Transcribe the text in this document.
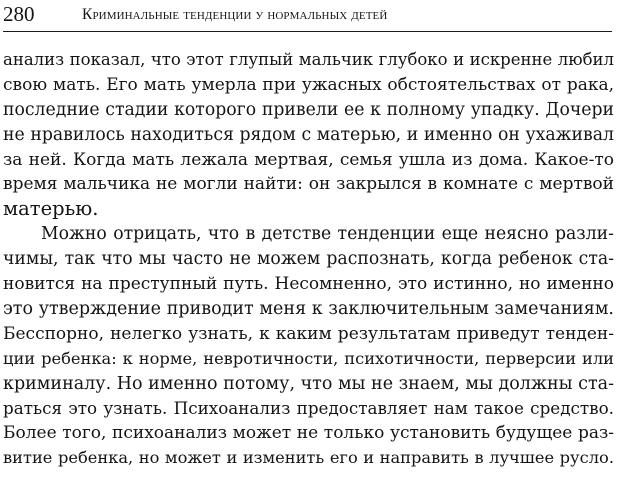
280	Криминальные тенденции у нормальных детей
анализ показал, что этот глупый мальчик глубоко и искренне любил
свою мать. Его мать умерла при ужасных обстоятельствах от рака,
последние стадии которого привели ее к полному упадку. Дочери
не нравилось находиться рядом с матерью, и именно он ухаживал
за ней. Когда мать лежала мертвая, семья ушла из дома. Какое-то
время мальчика не могли найти: он закрылся в комнате с мертвой
матерью.
Можно отрицать, что в детстве тенденции еще неясно разли-
чимы, так что мы часто не можем распознать, когда ребенок ста-
новится на преступный путь. Несомненно, это истинно, но именно
это утверждение приводит меня к заключительным замечаниям.
Бесспорно, нелегко узнать, к каким результатам приведут тенден-
ции ребенка: к норме, невротичности, психотичности, перверсии или
криминалу. Но именно потому, что мы не знаем, мы должны ста-
раться это узнать. Психоанализ предоставляет нам такое средство.
Более того, психоанализ может не только установить будущее раз-
витие ребенка, но может и изменить его и направить в лучшее русло.
